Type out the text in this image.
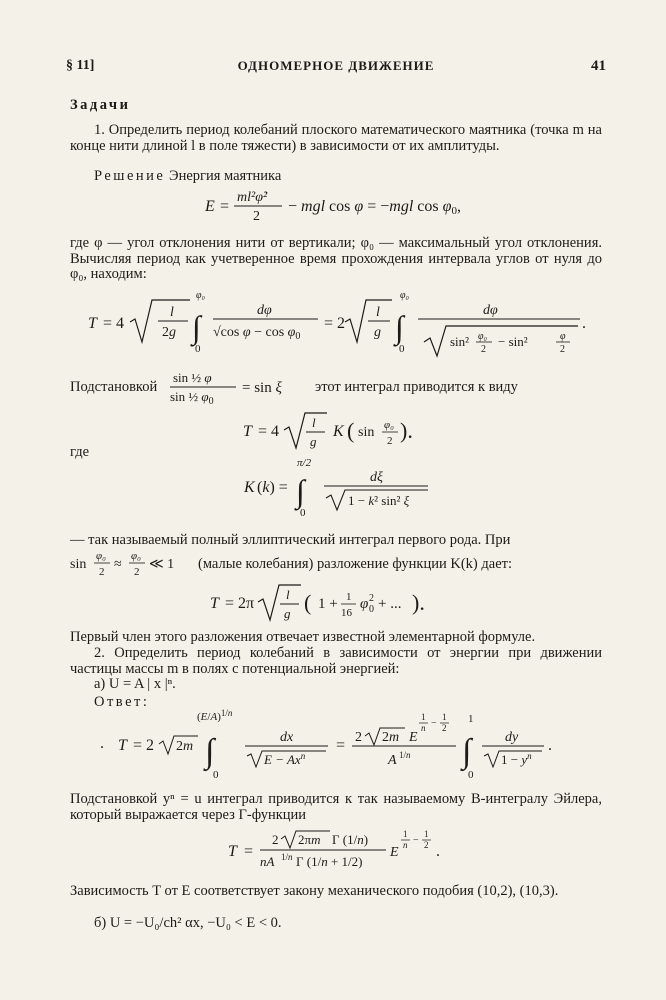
§ 11]	ОДНОМЕРНОЕ ДВИЖЕНИЕ	41
Задачи
1. Определить период колебаний плоского математического маятника (точка m на конце нити длиной l в поле тяжести) в зависимости от их амплитуды.
Решение Энергия маятника
E =
ml²φ̇²
2
− mgl cos φ = −mgl cos φ0,
где φ — угол отклонения нити от вертикали; φ₀ — максимальный угол отклонения. Вычисляя период как учетверенное время прохождения интервала углов от нуля до φ₀, находим:
T = 4
l
2g ∫
φ₀
0
dφ
√cos $\varphi - \cos \varphi_0$
= 2
l
g ∫
φ₀
0
dφ
sin² φ₀
2
− sin²	φ
2
.
Подстановкой
sin ½ φ
sin ½ $\varphi_0$
= sin ξ этот интеграл приводится к виду
T = 4
l
g
K ( sin φ₀
2 ).
где
K (k) = ∫
π/2
0
dξ
1 − k² sin² ξ
— так называемый полный эллиптический интеграл первого рода. При
sin
φ₀
2 ≈
φ₀
2 ≪ 1 (малые колебания) разложение функции K(k) дает:
T = 2π
l
g ( 1 + 1
16
φ 0
2 + ... ).
Первый член этого разложения отвечает известной элементарной формуле.
2. Определить период колебаний в зависимости от энергии при движении частицы массы m в полях с потенциальной энергией:
а) U = A | x |ⁿ.
Ответ:
. T = 2 2m ∫
$(E/A)^{1/n}$
0
dx
$E - Ax^n$
= 2 2m E
1
n −
1
2
A 1/n ∫
1
0
dy
$1 - y^n$
.
Подстановкой yⁿ = u интеграл приводится к так называемому B-интегралу Эйлера, который выражается через Г-функции
T =
2 2πm Г (1/n)
nA 1/n Г (1/n + 1/2)
E
1
n −
1
2 .
Зависимость T от E соответствует закону механического подобия (10,2), (10,3).
б) U = −U₀/ch² αx, −U₀ < E < 0.
